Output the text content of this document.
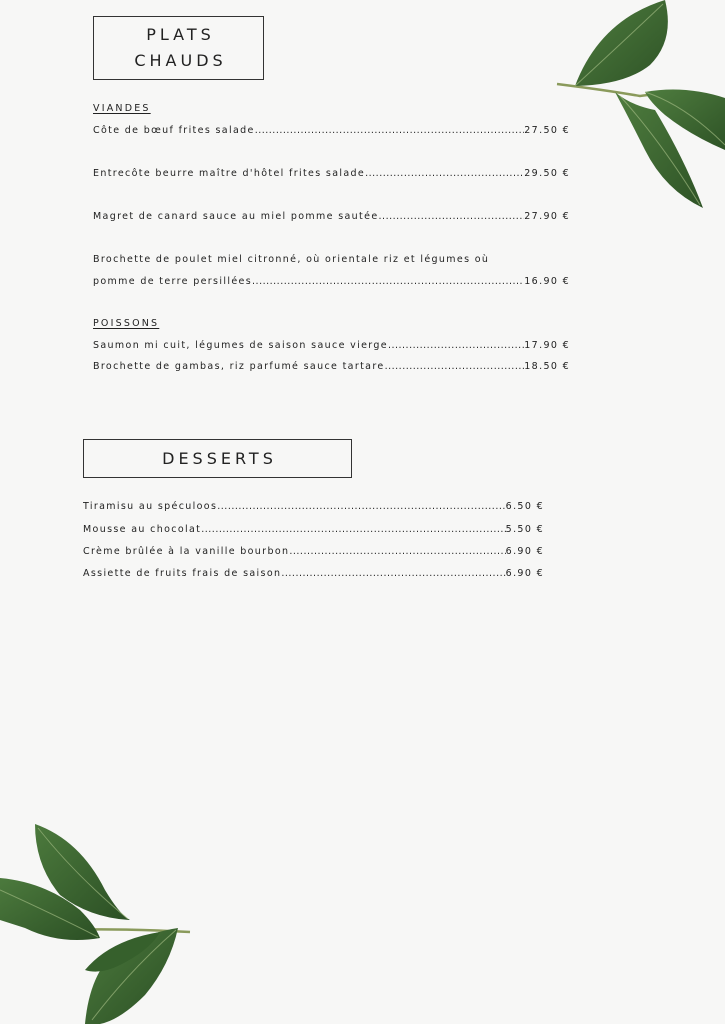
PLATS
CHAUDS
VIANDES
Côte de bœuf frites salade .....	27.50 €
Entrecôte beurre maître d'hôtel frites salade .....	29.50 €
Magret de canard sauce au miel pomme sautée .....	27.90 €
Brochette de poulet miel citronné, où orientale riz et légumes où
pomme de terre persillées .....	16.90 €
POISSONS
Saumon mi cuit, légumes de saison sauce vierge .....	17.90 €
Brochette de gambas, riz parfumé sauce tartare .....	18.50 €
DESSERTS
Tiramisu au spéculoos .....	6.50 €
Mousse au chocolat .....	5.50 €
Crème brûlée à la vanille bourbon .....	6.90 €
Assiette de fruits frais de saison .....	6.90 €
